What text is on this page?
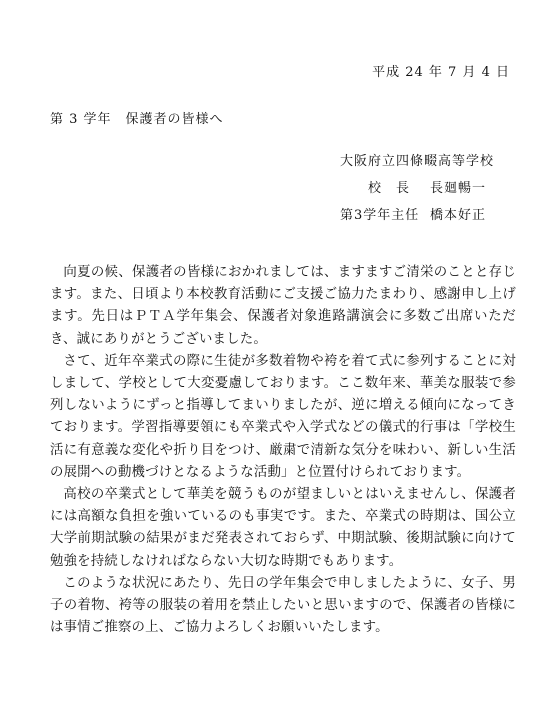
平成 24 年 7 月 4 日
第 3 学年　保護者の皆様へ
大阪府立四條畷高等学校
校　長	長廻暢一
第3学年主任 橋本好正

向夏の候、保護者の皆様におかれましては、ますますご清栄のことと存じます。また、日頃より本校教育活動にご支援ご協力たまわり、感謝申し上げます。先日はＰＴＡ学年集会、保護者対象進路講演会に多数ご出席いただき、誠にありがとうございました。

さて、近年卒業式の際に生徒が多数着物や袴を着て式に参列することに対しまして、学校として大変憂慮しております。ここ数年来、華美な服装で参列しないようにずっと指導してまいりましたが、逆に増える傾向になってきております。学習指導要領にも卒業式や入学式などの儀式的行事は「学校生活に有意義な変化や折り目をつけ、厳粛で清新な気分を味わい、新しい生活の展開への動機づけとなるような活動」と位置付けられております。

高校の卒業式として華美を競うものが望ましいとはいえませんし、保護者には高額な負担を強いているのも事実です。また、卒業式の時期は、国公立大学前期試験の結果がまだ発表されておらず、中期試験、後期試験に向けて勉強を持続しなければならない大切な時期でもあります。

このような状況にあたり、先日の学年集会で申しましたように、女子、男子の着物、袴等の服装の着用を禁止したいと思いますので、保護者の皆様には事情ご推察の上、ご協力よろしくお願いいたします。
